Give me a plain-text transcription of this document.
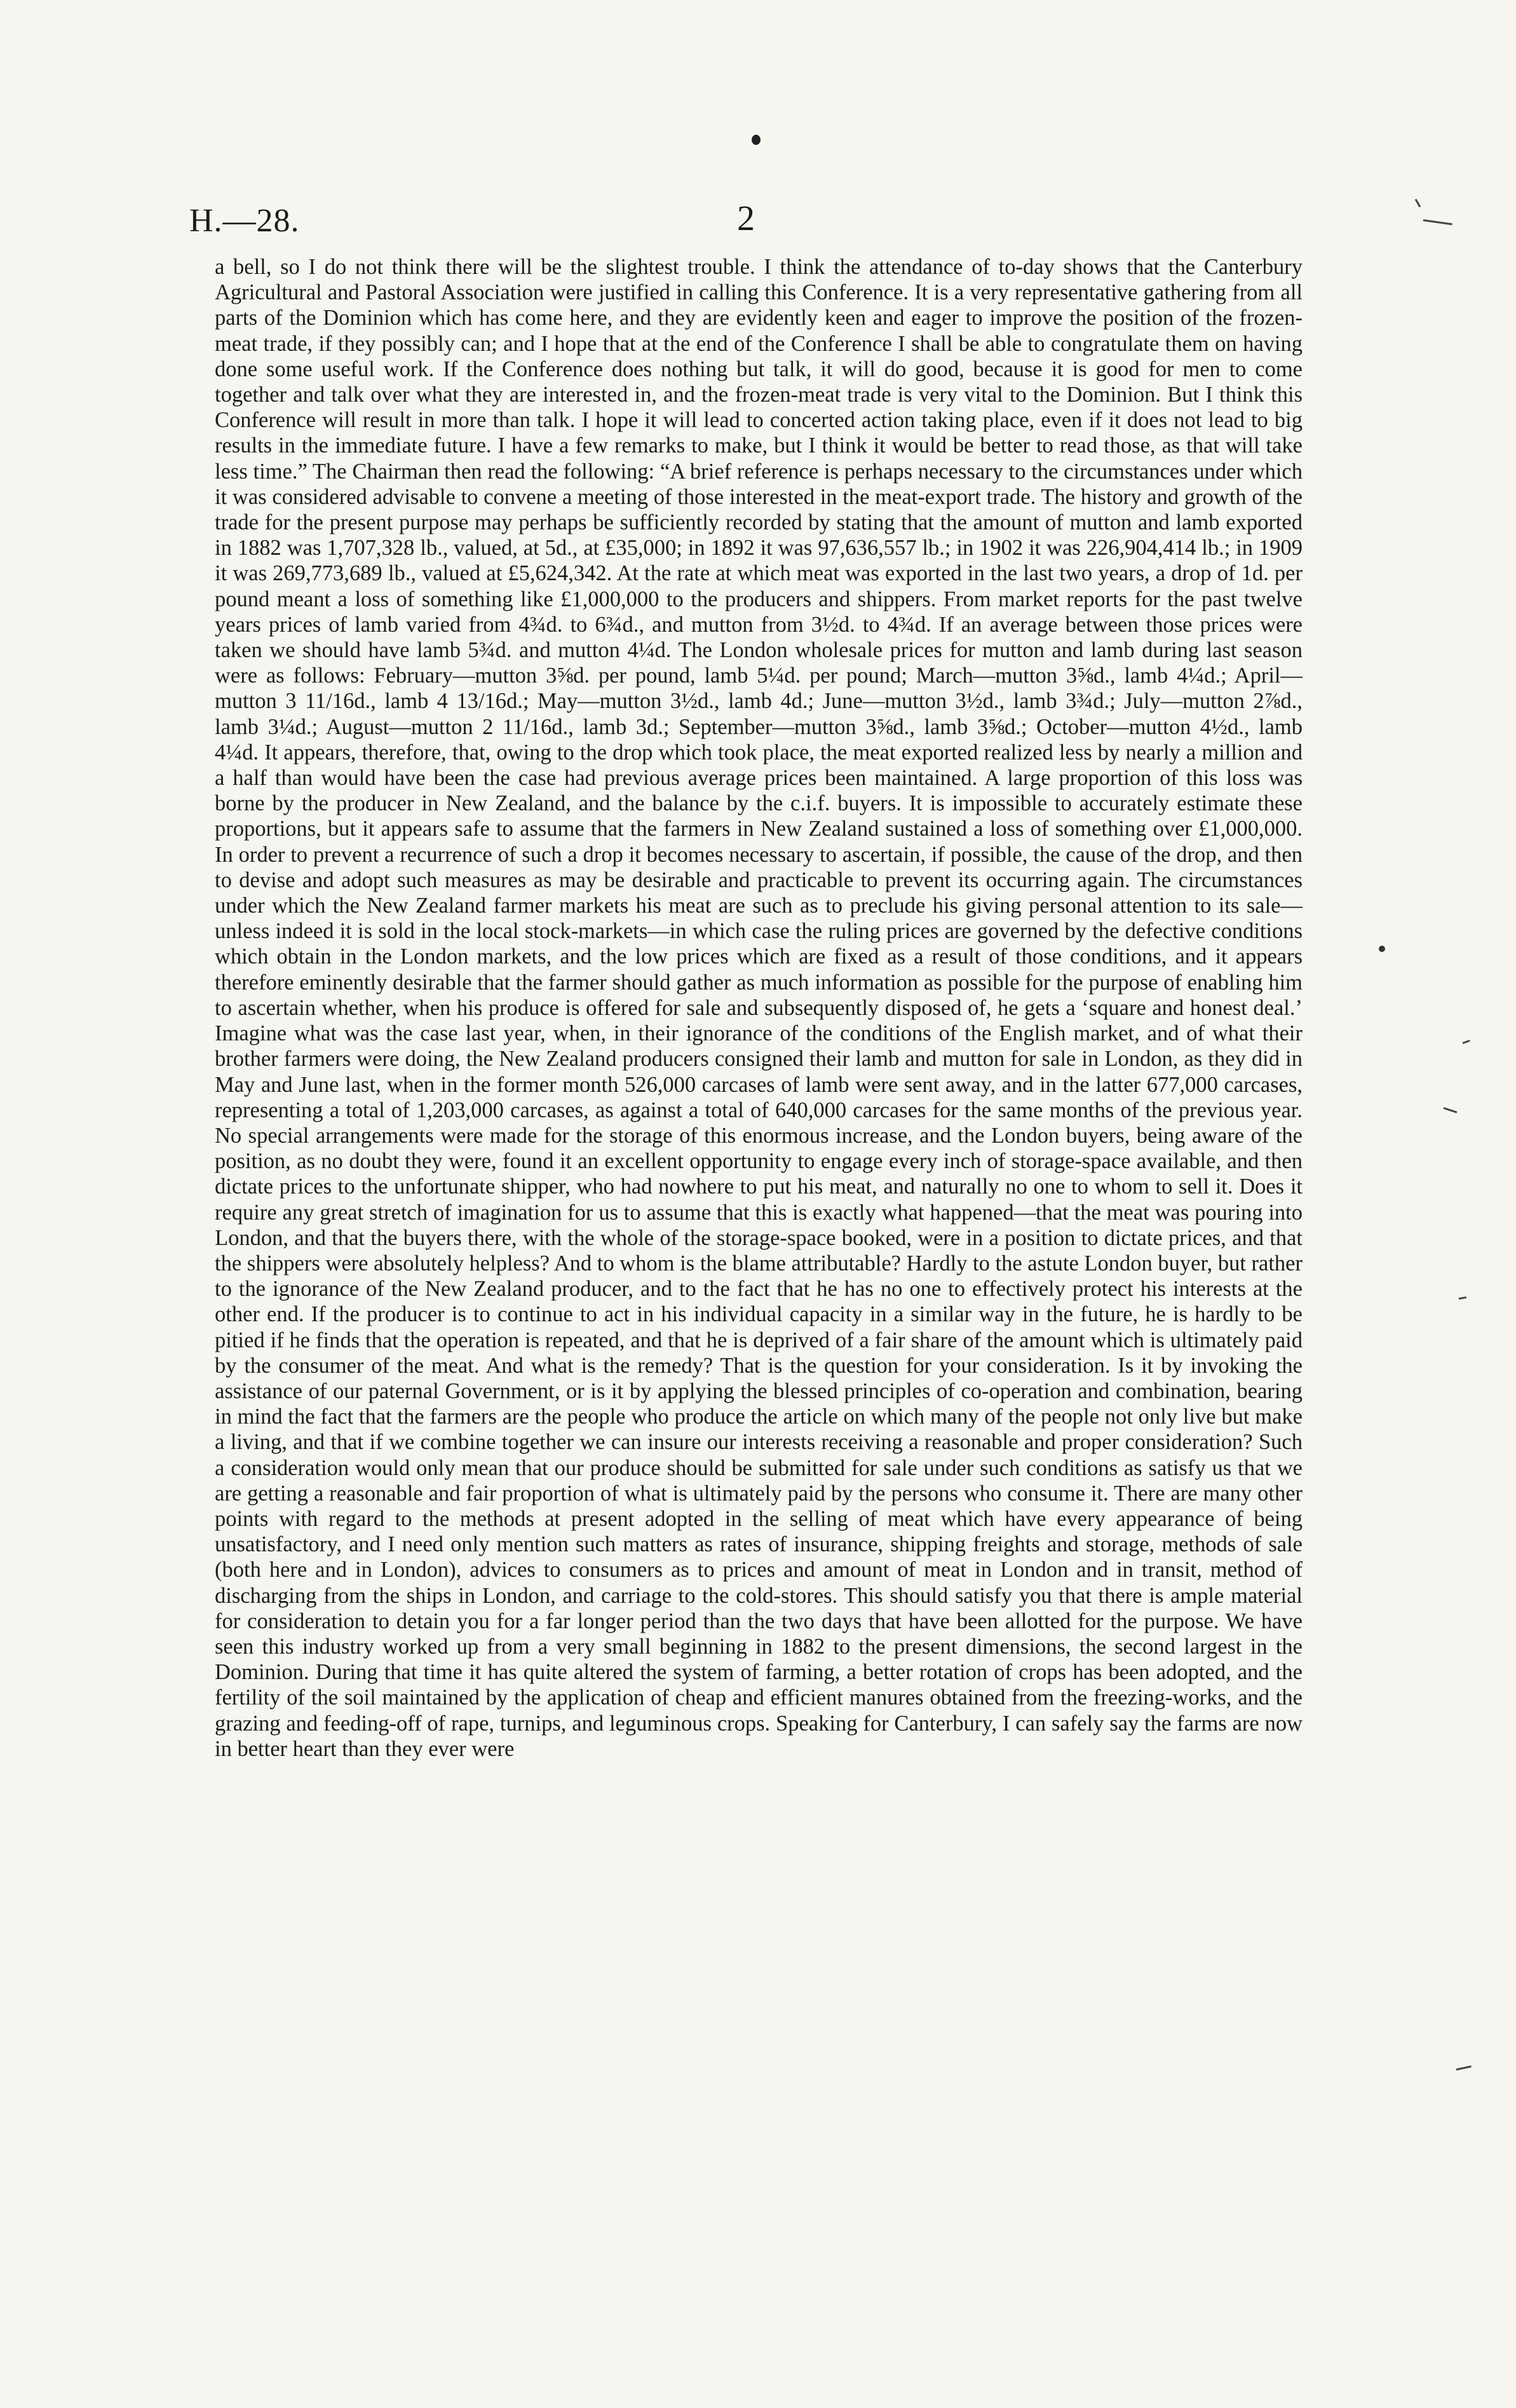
H.—28.	2

a bell, so I do not think there will be the slightest trouble. I think the attendance of to-day shows that the Canterbury Agricultural and Pastoral Association were justified in calling this Conference. It is a very representative gathering from all parts of the Dominion which has come here, and they are evidently keen and eager to improve the position of the frozen-meat trade, if they possibly can; and I hope that at the end of the Conference I shall be able to congratulate them on having done some useful work. If the Conference does nothing but talk, it will do good, because it is good for men to come together and talk over what they are interested in, and the frozen-meat trade is very vital to the Dominion. But I think this Conference will result in more than talk. I hope it will lead to concerted action taking place, even if it does not lead to big results in the immediate future. I have a few remarks to make, but I think it would be better to read those, as that will take less time.” The Chairman then read the following: “A brief reference is perhaps necessary to the circumstances under which it was considered advisable to convene a meeting of those interested in the meat-export trade. The history and growth of the trade for the present purpose may perhaps be sufficiently recorded by stating that the amount of mutton and lamb exported in 1882 was 1,707,328 lb., valued, at 5d., at £35,000; in 1892 it was 97,636,557 lb.; in 1902 it was 226,904,414 lb.; in 1909 it was 269,773,689 lb., valued at £5,624,342. At the rate at which meat was exported in the last two years, a drop of 1d. per pound meant a loss of something like £1,000,000 to the producers and shippers. From market reports for the past twelve years prices of lamb varied from 4¾d. to 6¾d., and mutton from 3½d. to 4¾d. If an average between those prices were taken we should have lamb 5¾d. and mutton 4¼d. The London wholesale prices for mutton and lamb during last season were as follows: February—mutton 3⅝d. per pound, lamb 5¼d. per pound; March—mutton 3⅝d., lamb 4¼d.; April—mutton 3 11/16d., lamb 4 13/16d.; May—mutton 3½d., lamb 4d.; June—mutton 3½d., lamb 3¾d.; July—mutton 2⅞d., lamb 3¼d.; August—mutton 2 11/16d., lamb 3d.; September—mutton 3⅝d., lamb 3⅝d.; October—mutton 4½d., lamb 4¼d. It appears, therefore, that, owing to the drop which took place, the meat exported realized less by nearly a million and a half than would have been the case had previous average prices been maintained. A large proportion of this loss was borne by the producer in New Zealand, and the balance by the c.i.f. buyers. It is impossible to accurately estimate these proportions, but it appears safe to assume that the farmers in New Zealand sustained a loss of something over £1,000,000. In order to prevent a recurrence of such a drop it becomes necessary to ascertain, if possible, the cause of the drop, and then to devise and adopt such measures as may be desirable and practicable to prevent its occurring again. The circumstances under which the New Zealand farmer markets his meat are such as to preclude his giving personal attention to its sale—unless indeed it is sold in the local stock-markets—in which case the ruling prices are governed by the defective conditions which obtain in the London markets, and the low prices which are fixed as a result of those conditions, and it appears therefore eminently desirable that the farmer should gather as much information as possible for the purpose of enabling him to ascertain whether, when his produce is offered for sale and subsequently disposed of, he gets a ‘square and honest deal.’ Imagine what was the case last year, when, in their ignorance of the conditions of the English market, and of what their brother farmers were doing, the New Zealand producers consigned their lamb and mutton for sale in London, as they did in May and June last, when in the former month 526,000 carcases of lamb were sent away, and in the latter 677,000 carcases, representing a total of 1,203,000 carcases, as against a total of 640,000 carcases for the same months of the previous year. No special arrangements were made for the storage of this enormous increase, and the London buyers, being aware of the position, as no doubt they were, found it an excellent opportunity to engage every inch of storage-space available, and then dictate prices to the unfortunate shipper, who had nowhere to put his meat, and naturally no one to whom to sell it. Does it require any great stretch of imagination for us to assume that this is exactly what happened—that the meat was pouring into London, and that the buyers there, with the whole of the storage-space booked, were in a position to dictate prices, and that the shippers were absolutely helpless? And to whom is the blame attributable? Hardly to the astute London buyer, but rather to the ignorance of the New Zealand producer, and to the fact that he has no one to effectively protect his interests at the other end. If the producer is to continue to act in his individual capacity in a similar way in the future, he is hardly to be pitied if he finds that the operation is repeated, and that he is deprived of a fair share of the amount which is ultimately paid by the consumer of the meat. And what is the remedy? That is the question for your consideration. Is it by invoking the assistance of our paternal Government, or is it by applying the blessed principles of co-operation and combination, bearing in mind the fact that the farmers are the people who produce the article on which many of the people not only live but make a living, and that if we combine together we can insure our interests receiving a reasonable and proper consideration? Such a consideration would only mean that our produce should be submitted for sale under such conditions as satisfy us that we are getting a reasonable and fair proportion of what is ultimately paid by the persons who consume it. There are many other points with regard to the methods at present adopted in the selling of meat which have every appearance of being unsatisfactory, and I need only mention such matters as rates of insurance, shipping freights and storage, methods of sale (both here and in London), advices to consumers as to prices and amount of meat in London and in transit, method of discharging from the ships in London, and carriage to the cold-stores. This should satisfy you that there is ample material for consideration to detain you for a far longer period than the two days that have been allotted for the purpose. We have seen this industry worked up from a very small beginning in 1882 to the present dimensions, the second largest in the Dominion. During that time it has quite altered the system of farming, a better rotation of crops has been adopted, and the fertility of the soil maintained by the application of cheap and efficient manures obtained from the freezing-works, and the grazing and feeding-off of rape, turnips, and leguminous crops. Speaking for Canterbury, I can safely say the farms are now in better heart than they ever were
